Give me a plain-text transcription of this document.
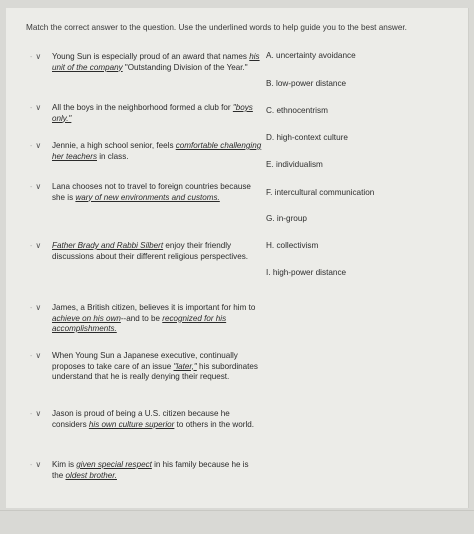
Match the correct answer to the question. Use the underlined words to help guide you to the best answer.
- ∨	Young Sun is especially proud of an award that names his unit of the company "Outstanding Division of the Year."
- ∨	All the boys in the neighborhood formed a club for "boys only."
- ∨	Jennie, a high school senior, feels comfortable challenging her teachers in class.
- ∨	Lana chooses not to travel to foreign countries because she is wary of new environments and customs.
- ∨	Father Brady and Rabbi Silbert enjoy their friendly discussions about their different religious perspectives.
- ∨	James, a British citizen, believes it is important for him to achieve on his own--and to be recognized for his accomplishments.
- ∨	When Young Sun a Japanese executive, continually proposes to take care of an issue "later," his subordinates understand that he is really denying their request.
- ∨	Jason is proud of being a U.S. citizen because he considers his own culture superior to others in the world.
- ∨	Kim is given special respect in his family because he is the oldest brother.
A. uncertainty avoidance
B. low-power distance
C. ethnocentrism
D. high-context culture
E. individualism
F. intercultural communication
G. in-group
H. collectivism
I. high-power distance
